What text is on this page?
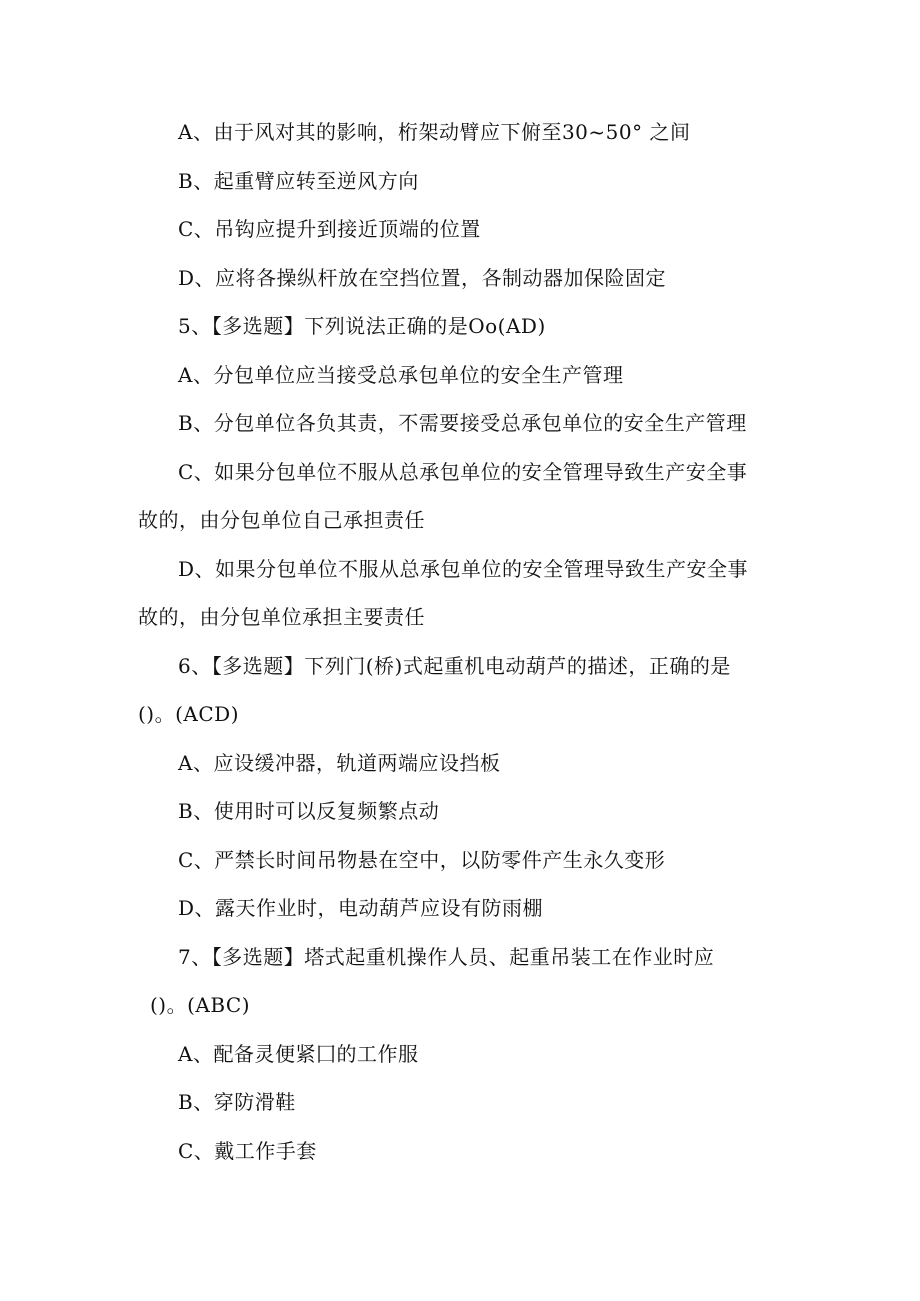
A、由于风对其的影响，桁架动臂应下俯至30~50° 之间
B、起重臂应转至逆风方向
C、吊钩应提升到接近顶端的位置
D、应将各操纵杆放在空挡位置，各制动器加保险固定
5、【多选题】下列说法正确的是Oo(AD)
A、分包单位应当接受总承包单位的安全生产管理
B、分包单位各负其责，不需要接受总承包单位的安全生产管理
C、如果分包单位不服从总承包单位的安全管理导致生产安全事
故的，由分包单位自己承担责任
D、如果分包单位不服从总承包单位的安全管理导致生产安全事
故的，由分包单位承担主要责任
6、【多选题】下列门(桥)式起重机电动葫芦的描述，正确的是
()。(ACD)
A、应设缓冲器，轨道两端应设挡板
B、使用时可以反复频繁点动
C、严禁长时间吊物悬在空中，以防零件产生永久变形
D、露天作业时，电动葫芦应设有防雨棚
7、【多选题】塔式起重机操作人员、起重吊装工在作业时应
()。(ABC)
A、配备灵便紧囗的工作服
B、穿防滑鞋
C、戴工作手套
